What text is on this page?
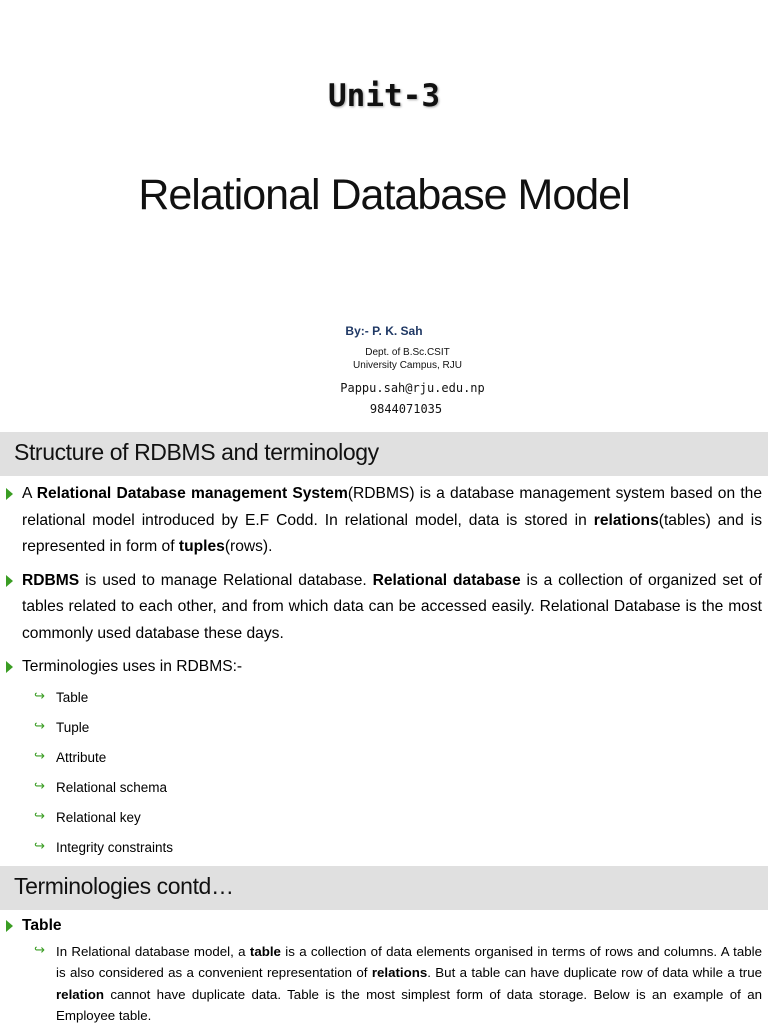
Unit-3
Relational Database Model
By:- P. K. Sah
Dept. of B.Sc.CSIT
University Campus, RJU
Pappu.sah@rju.edu.np
9844071035
Structure of RDBMS and terminology
A Relational Database management System(RDBMS) is a database management system based on the relational model introduced by E.F Codd. In relational model, data is stored in relations(tables) and is represented in form of tuples(rows).
RDBMS is used to manage Relational database. Relational database is a collection of organized set of tables related to each other, and from which data can be accessed easily. Relational Database is the most commonly used database these days.
Terminologies uses in RDBMS:-
↪ Table
↪ Tuple
↪ Attribute
↪ Relational schema
↪ Relational key
↪ Integrity constraints
Terminologies contd…
Table
↪ In Relational database model, a table is a collection of data elements organised in terms of rows and columns. A table is also considered as a convenient representation of relations. But a table can have duplicate row of data while a true relation cannot have duplicate data. Table is the most simplest form of data storage. Below is an example of an Employee table.
